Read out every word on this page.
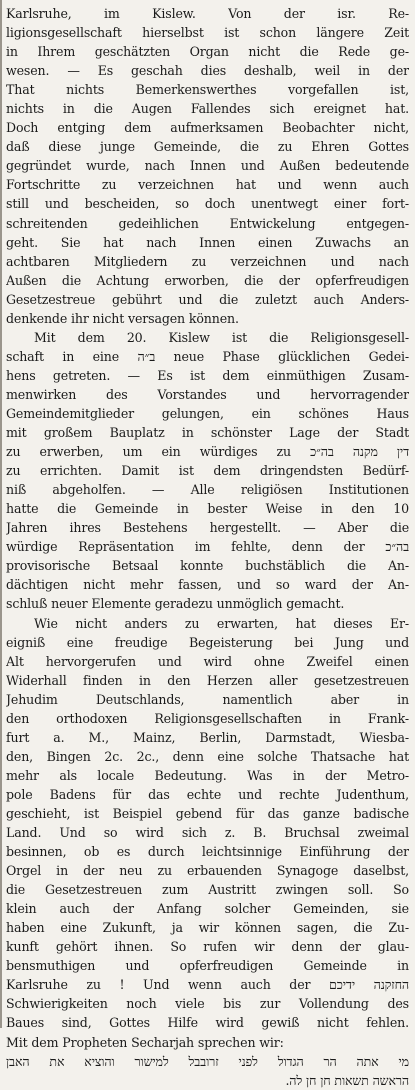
Karlsruhe, im Kislew. Von der isr. Re-
ligionsgesellschaft hierselbst ist schon längere Zeit
in Ihrem geschätzten Organ nicht die Rede ge-
wesen. — Es geschah dies deshalb, weil in der
That nichts Bemerkenswerthes vorgefallen ist,
nichts in die Augen Fallendes sich ereignet hat.
Doch entging dem aufmerksamen Beobachter nicht,
daß diese junge Gemeinde, die zu Ehren Gottes
gegründet wurde, nach Innen und Außen bedeutende
Fortschritte zu verzeichnen hat und wenn auch
still und bescheiden, so doch unentwegt einer fort-
schreitenden gedeihlichen Entwickelung entgegen-
geht. Sie hat nach Innen einen Zuwachs an
achtbaren Mitgliedern zu verzeichnen und nach
Außen die Achtung erworben, die der opferfreudigen
Gesetzestreue gebührt und die zuletzt auch Anders-
denkende ihr nicht versagen können.
Mit dem 20. Kislew ist die Religionsgesell-
schaft in eine ב״ה neue Phase glücklichen Gedei-
hens getreten. — Es ist dem einmüthigen Zusam-
menwirken des Vorstandes und hervorragender
Gemeindemitglieder gelungen, ein schönes Haus
mit großem Bauplatz in schönster Lage der Stadt
zu erwerben, um ein würdiges zu דין מקנה בה״כ
zu errichten. Damit ist dem dringendsten Bedürf-
niß abgeholfen. — Alle religiösen Institutionen
hatte die Gemeinde in bester Weise in den 10
Jahren ihres Bestehens hergestellt. — Aber die
würdige Repräsentation im fehlte, denn der בה״כ
provisorische Betsaal konnte buchstäblich die An-
dächtigen nicht mehr fassen, und so ward der An-
schluß neuer Elemente geradezu unmöglich gemacht.
Wie nicht anders zu erwarten, hat dieses Er-
eigniß eine freudige Begeisterung bei Jung und
Alt hervorgerufen und wird ohne Zweifel einen
Widerhall finden in den Herzen aller gesetzestreuen
Jehudim Deutschlands, namentlich aber in
den orthodoxen Religionsgesellschaften in Frank-
furt a. M., Mainz, Berlin, Darmstadt, Wiesba-
den, Bingen 2c. 2c., denn eine solche Thatsache hat
mehr als locale Bedeutung. Was in der Metro-
pole Badens für das echte und rechte Judenthum,
geschieht, ist Beispiel gebend für das ganze badische
Land. Und so wird sich z. B. Bruchsal zweimal
besinnen, ob es durch leichtsinnige Einführung der
Orgel in der neu zu erbauenden Synagoge daselbst,
die Gesetzestreuen zum Austritt zwingen soll. So
klein auch der Anfang solcher Gemeinden, sie
haben eine Zukunft, ja wir können sagen, die Zu-
kunft gehört ihnen. So rufen wir denn der glau-
bensmuthigen und opferfreudigen Gemeinde in
Karlsruhe zu ! Und wenn auch der החזקנה ידיכם
Schwierigkeiten noch viele bis zur Vollendung des
Baues sind, Gottes Hilfe wird gewiß nicht fehlen.
Mit dem Propheten Secharjah sprechen wir:
מי אתה הר הגדול לפני זרובבל למישור והוציא את האבן
הראשה תשאות חן חן לה.
